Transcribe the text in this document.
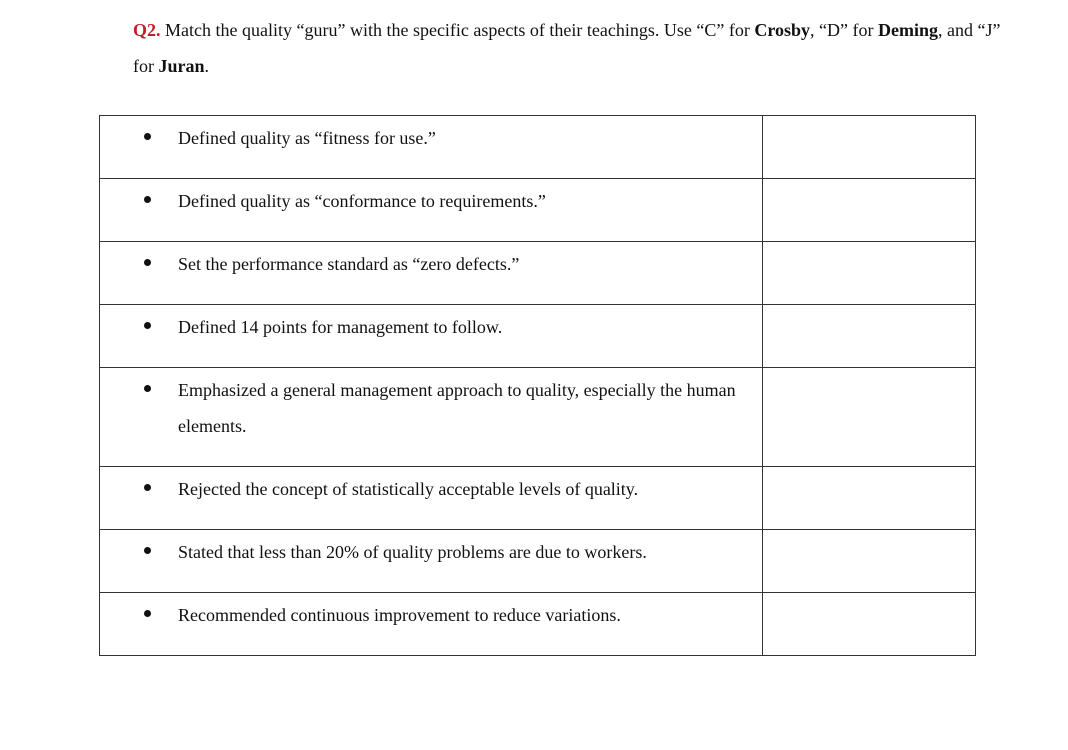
Q2. Match the quality “guru” with the specific aspects of their teachings. Use “C” for Crosby, “D” for Deming, and “J” for Juran.
Defined quality as “fitness for use.”	

Defined quality as “conformance to requirements.”	

Set the performance standard as “zero defects.”	

Defined 14 points for management to follow.	

Emphasized a general management approach to quality, especially the human elements.	

Rejected the concept of statistically acceptable levels of quality.	

Stated that less than 20% of quality problems are due to workers.	

Recommended continuous improvement to reduce variations.	
